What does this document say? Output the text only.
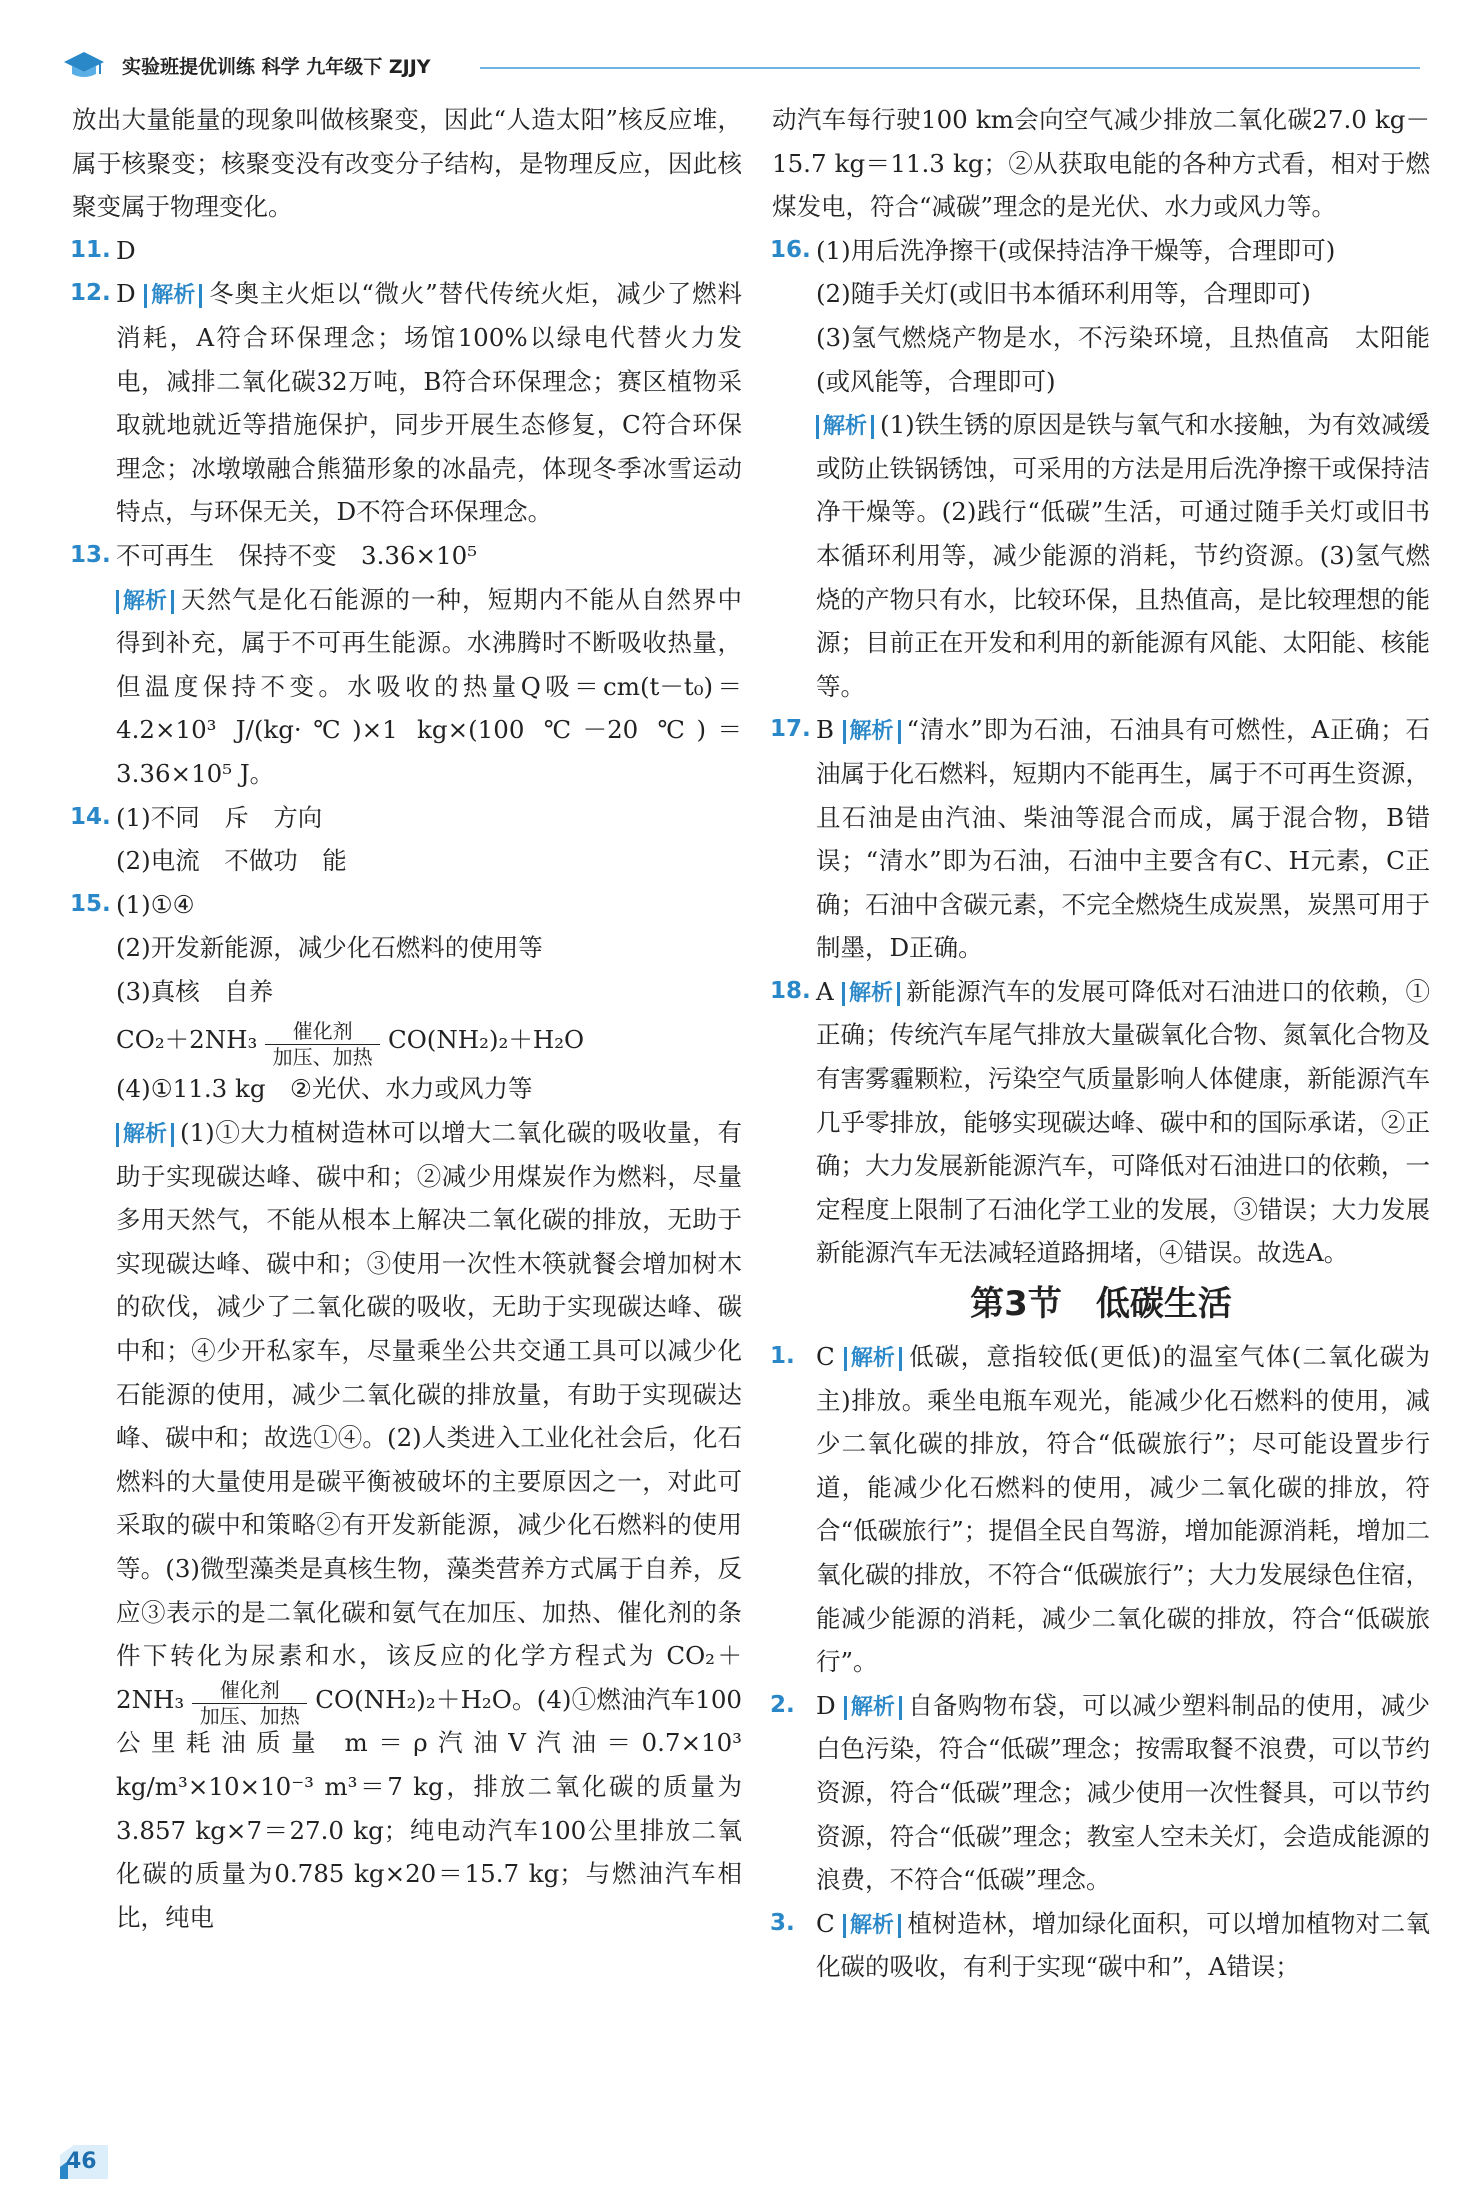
实验班提优训练 科学 九年级下 ZJJY

放出大量能量的现象叫做核聚变，因此“人造太阳”核反应堆，属于核聚变；核聚变没有改变分子结构，是物理反应，因此核聚变属于物理变化。

11. D
12. D 解析 冬奥主火炬以“微火”替代传统火炬，减少了燃料消耗，A符合环保理念；场馆100%以绿电代替火力发电，减排二氧化碳32万吨，B符合环保理念；赛区植物采取就地就近等措施保护，同步开展生态修复，C符合环保理念；冰墩墩融合熊猫形象的冰晶壳，体现冬季冰雪运动特点，与环保无关，D不符合环保理念。
13. 不可再生　保持不变　3.36×10⁵
解析 天然气是化石能源的一种，短期内不能从自然界中得到补充，属于不可再生能源。水沸腾时不断吸收热量，但温度保持不变。水吸收的热量Q吸＝cm(t－t₀)＝4.2×10³ J/(kg·℃)×1 kg×(100 ℃－20 ℃)＝3.36×10⁵ J。
14. (1)不同　斥　方向
(2)电流　不做功　能
15. (1)①④
(2)开发新能源，减少化石燃料的使用等
(3)真核　自养
$CO_2+2NH_3 \frac{\text{催化剂}}{\text{加压、加热}} CO(NH_2)_2+H_2O$
(4)①11.3 kg　②光伏、水力或风力等
解析 (1)①大力植树造林可以增大二氧化碳的吸收量，有助于实现碳达峰、碳中和；②减少用煤炭作为燃料，尽量多用天然气，不能从根本上解决二氧化碳的排放，无助于实现碳达峰、碳中和；③使用一次性木筷就餐会增加树木的砍伐，减少了二氧化碳的吸收，无助于实现碳达峰、碳中和；④少开私家车，尽量乘坐公共交通工具可以减少化石能源的使用，减少二氧化碳的排放量，有助于实现碳达峰、碳中和；故选①④。(2)人类进入工业化社会后，化石燃料的大量使用是碳平衡被破坏的主要原因之一，对此可采取的碳中和策略②有开发新能源，减少化石燃料的使用等。(3)微型藻类是真核生物，藻类营养方式属于自养，反应③表示的是二氧化碳和氨气在加压、加热、催化剂的条件下转化为尿素和水，该反应的化学方程式为 $CO_2+2NH_3 \frac{\text{催化剂}}{\text{加压、加热}} CO(NH_2)_2+H_2O$。(4)①燃油汽车100公里耗油质量 m＝ρ汽油V汽油＝0.7×10³ kg/m³×10×10⁻³ m³＝7 kg，排放二氧化碳的质量为3.857 kg×7＝27.0 kg；纯电动汽车100公里排放二氧化碳的质量为0.785 kg×20＝15.7 kg；与燃油汽车相比，纯电

动汽车每行驶100 km会向空气减少排放二氧化碳27.0 kg－15.7 kg＝11.3 kg；②从获取电能的各种方式看，相对于燃煤发电，符合“减碳”理念的是光伏、水力或风力等。

16. (1)用后洗净擦干(或保持洁净干燥等，合理即可)
(2)随手关灯(或旧书本循环利用等，合理即可)
(3)氢气燃烧产物是水，不污染环境，且热值高　太阳能(或风能等，合理即可)
解析 (1)铁生锈的原因是铁与氧气和水接触，为有效减缓或防止铁锅锈蚀，可采用的方法是用后洗净擦干或保持洁净干燥等。(2)践行“低碳”生活，可通过随手关灯或旧书本循环利用等，减少能源的消耗，节约资源。(3)氢气燃烧的产物只有水，比较环保，且热值高，是比较理想的能源；目前正在开发和利用的新能源有风能、太阳能、核能等。
17. B 解析 “清水”即为石油，石油具有可燃性，A正确；石油属于化石燃料，短期内不能再生，属于不可再生资源，且石油是由汽油、柴油等混合而成，属于混合物，B错误；“清水”即为石油，石油中主要含有C、H元素，C正确；石油中含碳元素，不完全燃烧生成炭黑，炭黑可用于制墨，D正确。
18. A 解析 新能源汽车的发展可降低对石油进口的依赖，①正确；传统汽车尾气排放大量碳氧化合物、氮氧化合物及有害雾霾颗粒，污染空气质量影响人体健康，新能源汽车几乎零排放，能够实现碳达峰、碳中和的国际承诺，②正确；大力发展新能源汽车，可降低对石油进口的依赖，一定程度上限制了石油化学工业的发展，③错误；大力发展新能源汽车无法减轻道路拥堵，④错误。故选A。
第3节　低碳生活
1. C 解析 低碳，意指较低(更低)的温室气体(二氧化碳为主)排放。乘坐电瓶车观光，能减少化石燃料的使用，减少二氧化碳的排放，符合“低碳旅行”；尽可能设置步行道，能减少化石燃料的使用，减少二氧化碳的排放，符合“低碳旅行”；提倡全民自驾游，增加能源消耗，增加二氧化碳的排放，不符合“低碳旅行”；大力发展绿色住宿，能减少能源的消耗，减少二氧化碳的排放，符合“低碳旅行”。
2. D 解析 自备购物布袋，可以减少塑料制品的使用，减少白色污染，符合“低碳”理念；按需取餐不浪费，可以节约资源，符合“低碳”理念；减少使用一次性餐具，可以节约资源，符合“低碳”理念；教室人空未关灯，会造成能源的浪费，不符合“低碳”理念。
3. C 解析 植树造林，增加绿化面积，可以增加植物对二氧化碳的吸收，有利于实现“碳中和”，A错误；
46
